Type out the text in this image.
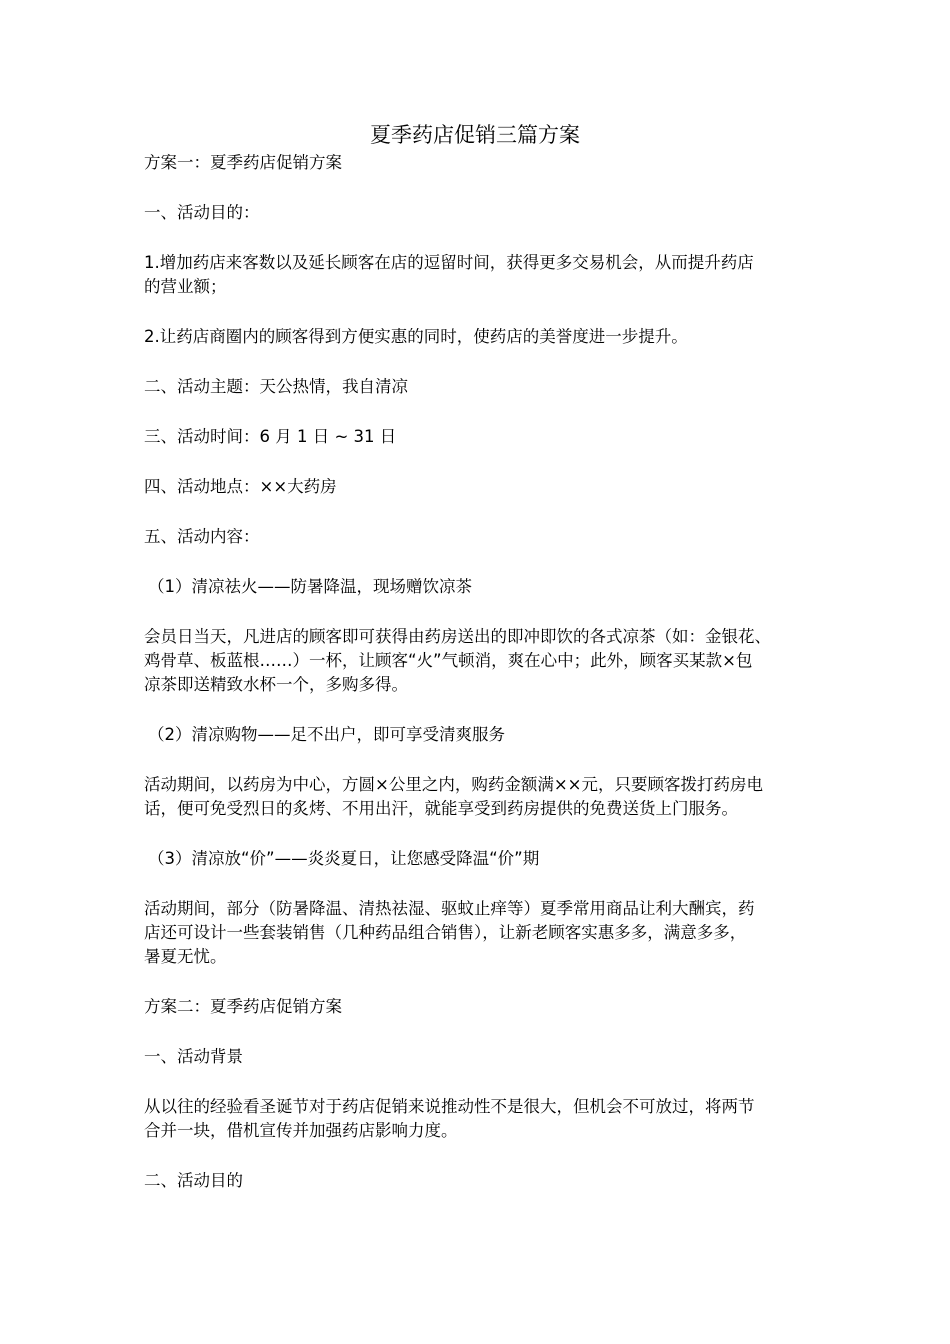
夏季药店促销三篇方案
方案一：夏季药店促销方案
一、活动目的：
1.增加药店来客数以及延长顾客在店的逗留时间，获得更多交易机会，从而提升药店
的营业额；
2.让药店商圈内的顾客得到方便实惠的同时，使药店的美誉度进一步提升。
二、活动主题：天公热情，我自清凉
三、活动时间：6 月 1 日 ~ 31 日
四、活动地点：××大药房
五、活动内容：
（1）清凉祛火——防暑降温，现场赠饮凉茶
会员日当天，凡进店的顾客即可获得由药房送出的即冲即饮的各式凉茶（如：金银花、
鸡骨草、板蓝根……）一杯，让顾客“火”气顿消，爽在心中；此外，顾客买某款×包
凉茶即送精致水杯一个，多购多得。
（2）清凉购物——足不出户，即可享受清爽服务
活动期间，以药房为中心，方圆×公里之内，购药金额满××元，只要顾客拨打药房电
话，便可免受烈日的炙烤、不用出汗，就能享受到药房提供的免费送货上门服务。
（3）清凉放“价”——炎炎夏日，让您感受降温“价”期
活动期间，部分（防暑降温、清热祛湿、驱蚊止痒等）夏季常用商品让利大酬宾，药
店还可设计一些套装销售（几种药品组合销售），让新老顾客实惠多多，满意多多，
暑夏无忧。
方案二：夏季药店促销方案
一、活动背景
从以往的经验看圣诞节对于药店促销来说推动性不是很大，但机会不可放过，将两节
合并一块，借机宣传并加强药店影响力度。
二、活动目的
